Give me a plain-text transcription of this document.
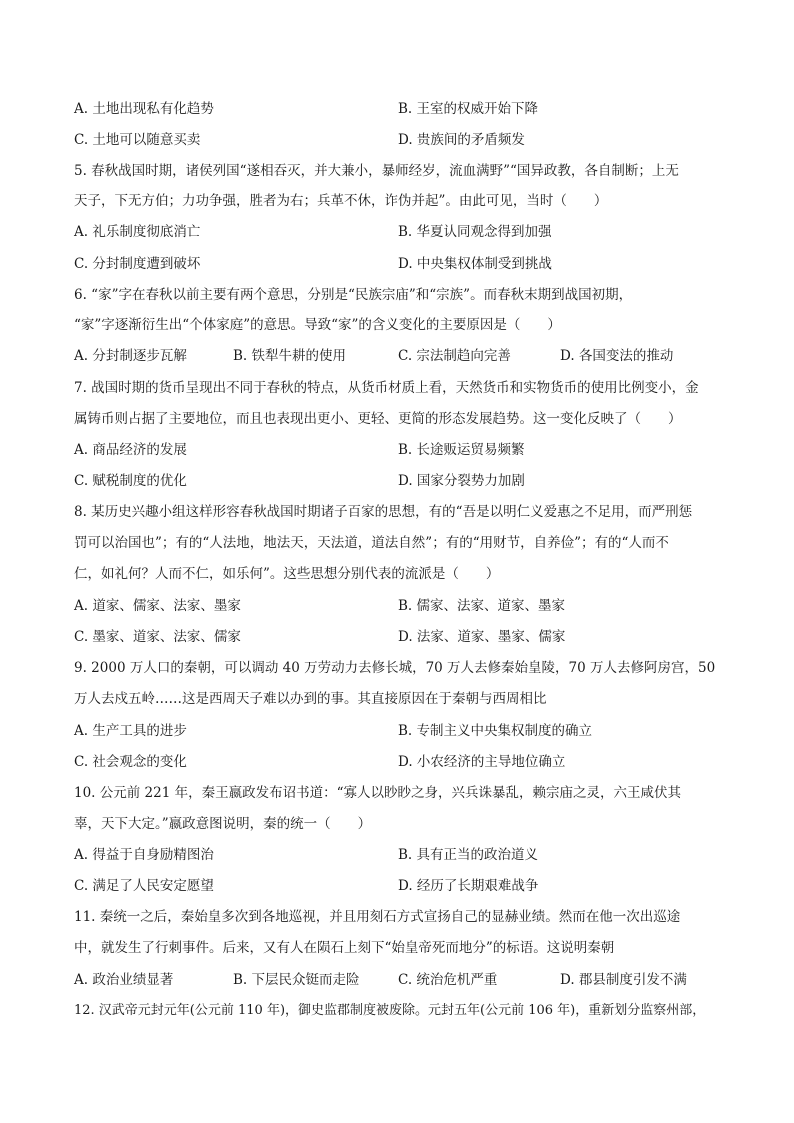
A. 土地出现私有化趋势	B. 王室的权威开始下降
C. 土地可以随意买卖	D. 贵族间的矛盾频发
5. 春秋战国时期，诸侯列国“遂相吞灭，并大兼小，暴师经岁，流血满野”“国异政教，各自制断；上无
天子，下无方伯；力功争强，胜者为右；兵革不休，诈伪并起”。由此可见，当时（　　）
A. 礼乐制度彻底消亡	B. 华夏认同观念得到加强
C. 分封制度遭到破坏	D. 中央集权体制受到挑战
6. “家”字在春秋以前主要有两个意思，分别是“民族宗庙”和“宗族”。而春秋末期到战国初期，
“家”字逐渐衍生出“个体家庭”的意思。导致“家”的含义变化的主要原因是（　　）
A. 分封制逐步瓦解	B. 铁犁牛耕的使用	C. 宗法制趋向完善	D. 各国变法的推动
7. 战国时期的货币呈现出不同于春秋的特点，从货币材质上看，天然货币和实物货币的使用比例变小，金
属铸币则占据了主要地位，而且也表现出更小、更轻、更简的形态发展趋势。这一变化反映了（　　）
A. 商品经济的发展	B. 长途贩运贸易频繁
C. 赋税制度的优化	D. 国家分裂势力加剧
8. 某历史兴趣小组这样形容春秋战国时期诸子百家的思想，有的“吾是以明仁义爱惠之不足用，而严刑惩
罚可以治国也”；有的“人法地，地法天，天法道，道法自然”；有的“用财节，自养俭”；有的“人而不
仁，如礼何？人而不仁，如乐何”。这些思想分别代表的流派是（　　）
A. 道家、儒家、法家、墨家	B. 儒家、法家、道家、墨家
C. 墨家、道家、法家、儒家	D. 法家、道家、墨家、儒家
9. 2000 万人口的秦朝，可以调动 40 万劳动力去修长城，70 万人去修秦始皇陵，70 万人去修阿房宫，50
万人去戍五岭……这是西周天子难以办到的事。其直接原因在于秦朝与西周相比
A. 生产工具的进步	B. 专制主义中央集权制度的确立
C. 社会观念的变化	D. 小农经济的主导地位确立
10. 公元前 221 年，秦王嬴政发布诏书道：“寡人以眇眇之身，兴兵诛暴乱，赖宗庙之灵，六王咸伏其
辜，天下大定。”嬴政意图说明，秦的统一（　　）
A. 得益于自身励精图治	B. 具有正当的政治道义
C. 满足了人民安定愿望	D. 经历了长期艰难战争
11. 秦统一之后，秦始皇多次到各地巡视，并且用刻石方式宣扬自己的显赫业绩。然而在他一次出巡途
中，就发生了行刺事件。后来，又有人在陨石上刻下“始皇帝死而地分”的标语。这说明秦朝
A. 政治业绩显著	B. 下层民众铤而走险	C. 统治危机严重	D. 郡县制度引发不满
12. 汉武帝元封元年(公元前 110 年)，御史监郡制度被废除。元封五年(公元前 106 年)，重新划分监察州部，
